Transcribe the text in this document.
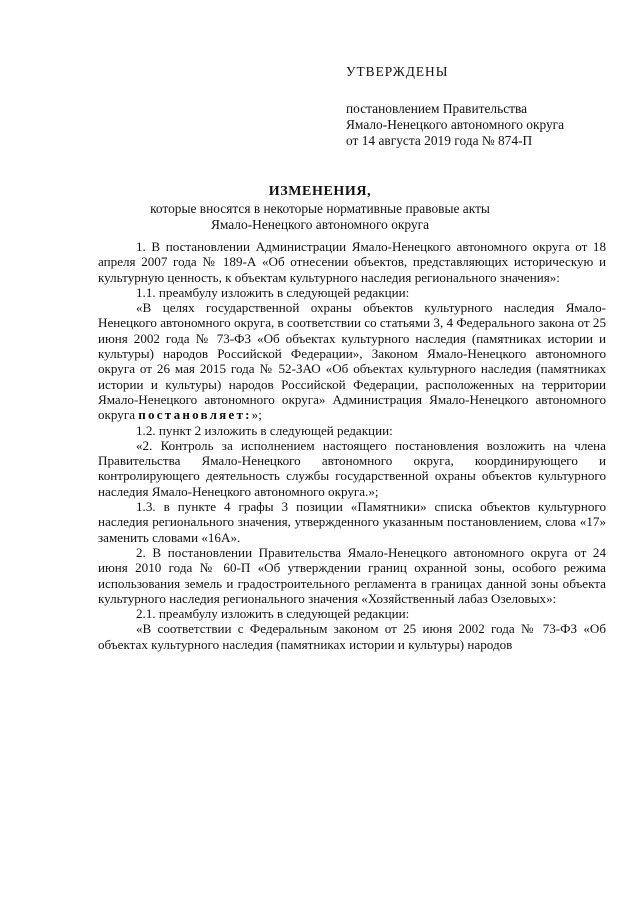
УТВЕРЖДЕНЫ
постановлением Правительства
Ямало-Ненецкого автономного округа
от 14 августа 2019 года № 874-П
ИЗМЕНЕНИЯ,
которые вносятся в некоторые нормативные правовые акты
Ямало-Ненецкого автономного округа

1. В постановлении Администрации Ямало-Ненецкого автономного округа от 18 апреля 2007 года № 189-А «Об отнесении объектов, представляющих историческую и культурную ценность, к объектам культурного наследия регионального значения»:

1.1. преамбулу изложить в следующей редакции:

«В целях государственной охраны объектов культурного наследия Ямало-Ненецкого автономного округа, в соответствии со статьями 3, 4 Федерального закона от 25 июня 2002 года № 73-ФЗ «Об объектах культурного наследия (памятниках истории и культуры) народов Российской Федерации», Законом Ямало-Ненецкого автономного округа от 26 мая 2015 года № 52-ЗАО «Об объектах культурного наследия (памятниках истории и культуры) народов Российской Федерации, расположенных на территории Ямало-Ненецкого автономного округа» Администрация Ямало-Ненецкого автономного округа постановляет:»;

1.2. пункт 2 изложить в следующей редакции:

«2. Контроль за исполнением настоящего постановления возложить на члена Правительства Ямало-Ненецкого автономного округа, координирующего и контролирующего деятельность службы государственной охраны объектов культурного наследия Ямало-Ненецкого автономного округа.»;

1.3. в пункте 4 графы 3 позиции «Памятники» списка объектов культурного наследия регионального значения, утвержденного указанным постановлением, слова «17» заменить словами «16А».

2. В постановлении Правительства Ямало-Ненецкого автономного округа от 24 июня 2010 года № 60-П «Об утверждении границ охранной зоны, особого режима использования земель и градостроительного регламента в границах данной зоны объекта культурного наследия регионального значения «Хозяйственный лабаз Озеловых»:

2.1. преамбулу изложить в следующей редакции:

«В соответствии с Федеральным законом от 25 июня 2002 года № 73-ФЗ «Об объектах культурного наследия (памятниках истории и культуры) народов
